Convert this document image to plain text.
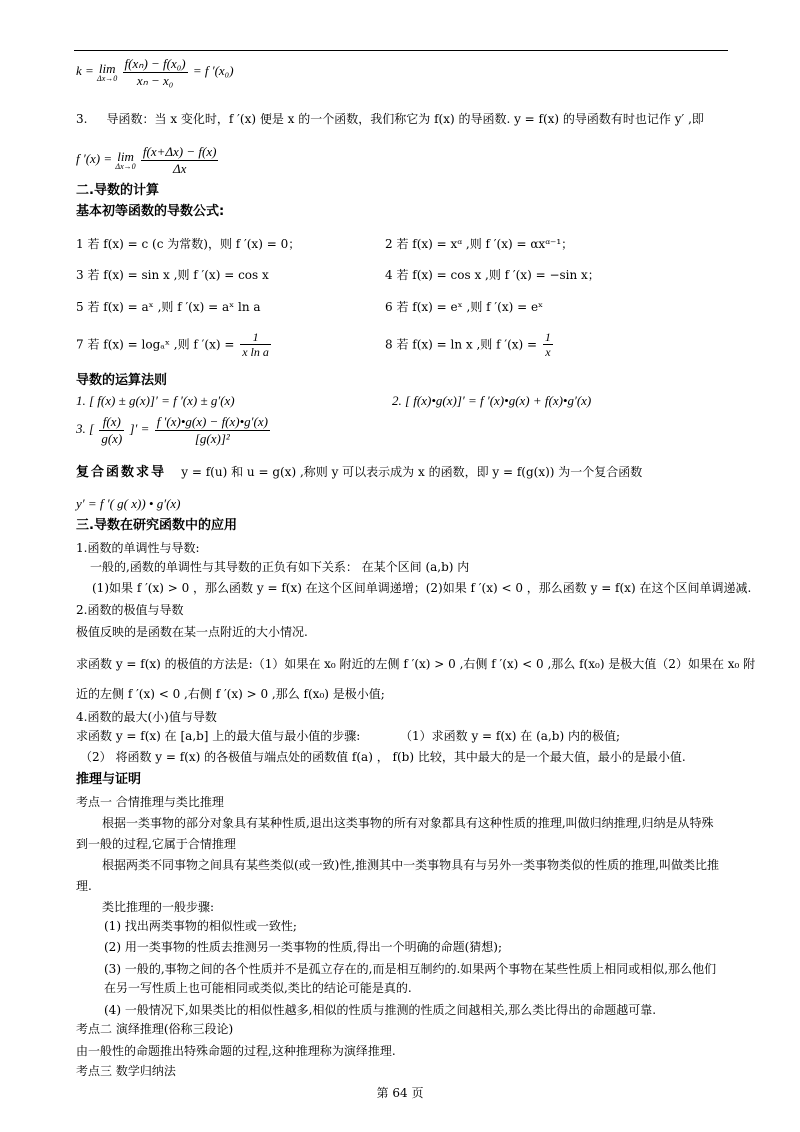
k = lim
Δx→0
$\frac{\text{f(xₙ) − f(x₀)}}{\text{xₙ − x₀}} = f$ ′(x₀)
3. 导函数：当 x 变化时，f ′(x) 便是 x 的一个函数，我们称它为 f(x) 的导函数. y = f(x) 的导函数有时也记作 y′ ,即
f ′(x) = lim
Δx→0
$\frac{f(x+\Delta x) - f(x)}{\Delta x}$
二.导数的计算
基本初等函数的导数公式:
1 若 f(x) = c (c 为常数)，则 f ′(x) = 0；	2 若 f(x) = xᵅ ,则 f ′(x) = αxᵅ⁻¹；
3 若 f(x) = sin x ,则 f ′(x) = cos x	4 若 f(x) = cos x ,则 f ′(x) = −sin x；
5 若 f(x) = aˣ ,则 f ′(x) = aˣ ln a	6 若 f(x) = eˣ ,则 f ′(x) = eˣ
7 若 f(x) = logₐˣ ,则 f $'(x) = \frac{1}{\text{x ln a}}$	8 若 f(x) = ln x ,则 f $'(x) = \frac{1}{x}$
导数的运算法则
1. [ f(x) ± g(x)]′ = f ′(x) ± g′(x)	2. [ f(x)•g(x)]′ = f ′(x)•g(x) + f(x)•g′(x)
3. [ $\frac{f(x)}{g(x)}$ ]′ = $\frac{f '(x)•g(x) - f(x)•g'(x)}{\text{[g(x)]²}}$
复合函数求导 y = f(u) 和 u = g(x) ,称则 y 可以表示成为 x 的函数，即 y = f(g(x)) 为一个复合函数
y′ = f ′( g( x)) • g′(x)
三.导数在研究函数中的应用
1.函数的单调性与导数:
一般的,函数的单调性与其导数的正负有如下关系： 在某个区间 (a,b) 内
(1)如果 f ′(x) > 0 ，那么函数 y = f(x) 在这个区间单调递增；(2)如果 f ′(x) < 0 ，那么函数 y = f(x) 在这个区间单调递减.
2.函数的极值与导数
极值反映的是函数在某一点附近的大小情况.
求函数 y = f(x) 的极值的方法是:（1）如果在 x₀ 附近的左侧 f ′(x) > 0 ,右侧 f ′(x) < 0 ,那么 f(x₀) 是极大值（2）如果在 x₀ 附
近的左侧 f ′(x) < 0 ,右侧 f ′(x) > 0 ,那么 f(x₀) 是极小值;
4.函数的最大(小)值与导数
求函数 y = f(x) 在 [a,b] 上的最大值与最小值的步骤:	（1）求函数 y = f(x) 在 (a,b) 内的极值;
（2） 将函数 y = f(x) 的各极值与端点处的函数值 f(a) ， f(b) 比较，其中最大的是一个最大值，最小的是最小值.
推理与证明
考点一 合情推理与类比推理
根据一类事物的部分对象具有某种性质,退出这类事物的所有对象都具有这种性质的推理,叫做归纳推理,归纳是从特殊
到一般的过程,它属于合情推理
根据两类不同事物之间具有某些类似(或一致)性,推测其中一类事物具有与另外一类事物类似的性质的推理,叫做类比推
理.
类比推理的一般步骤:
(1) 找出两类事物的相似性或一致性;
(2) 用一类事物的性质去推测另一类事物的性质,得出一个明确的命题(猜想);
(3) 一般的,事物之间的各个性质并不是孤立存在的,而是相互制约的.如果两个事物在某些性质上相同或相似,那么他们
在另一写性质上也可能相同或类似,类比的结论可能是真的.
(4) 一般情况下,如果类比的相似性越多,相似的性质与推测的性质之间越相关,那么类比得出的命题越可靠.
考点二 演绎推理(俗称三段论)
由一般性的命题推出特殊命题的过程,这种推理称为演绎推理.
考点三 数学归纳法
第 64 页
